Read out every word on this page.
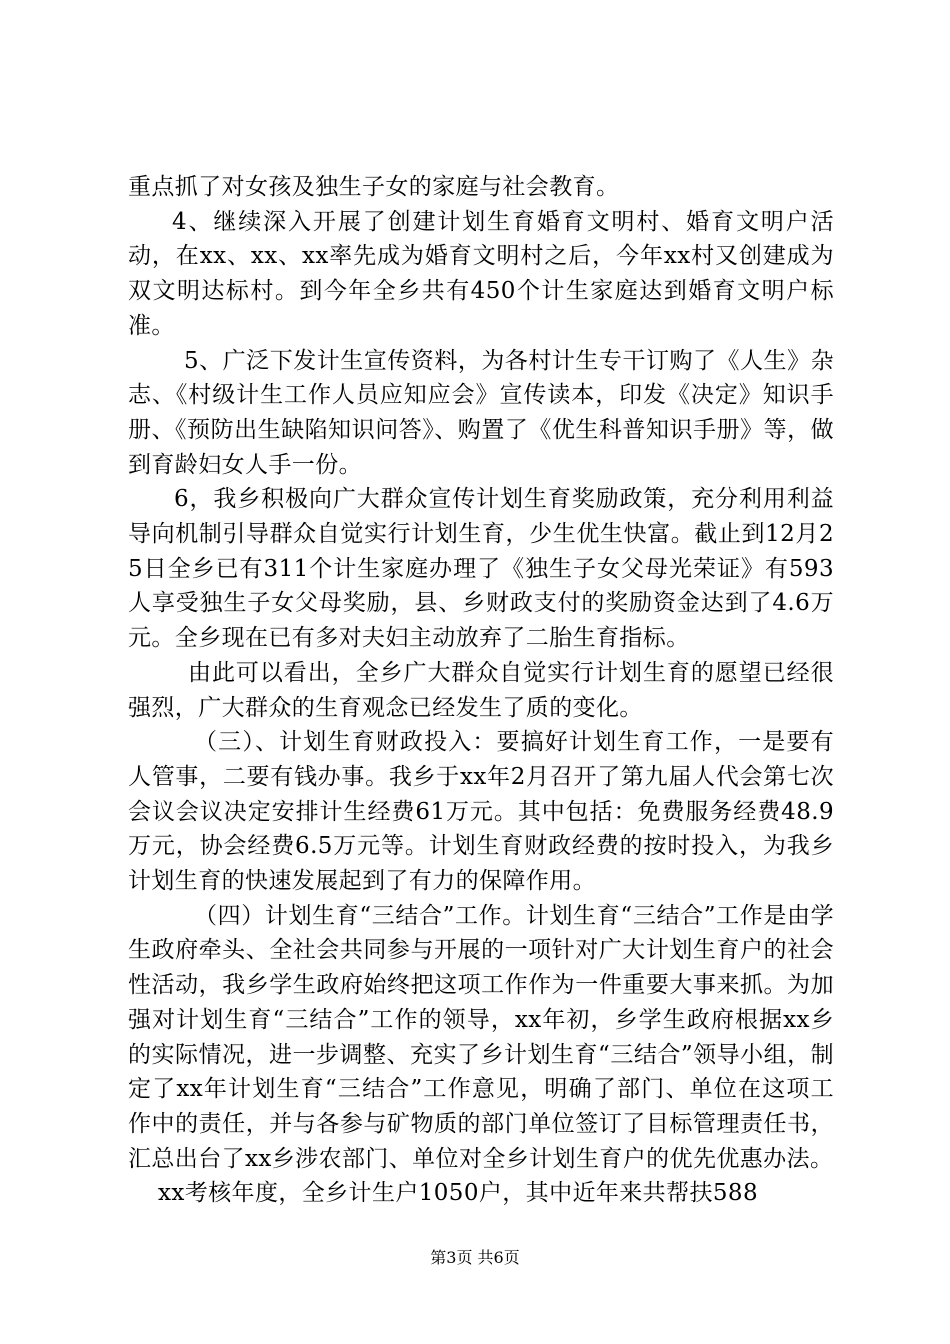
重点抓了对女孩及独生子女的家庭与社会教育。

4、继续深入开展了创建计划生育婚育文明村、婚育文明户活动，在xx、xx、xx率先成为婚育文明村之后，今年xx村又创建成为双文明达标村。到今年全乡共有450个计生家庭达到婚育文明户标准。

5、广泛下发计生宣传资料，为各村计生专干订购了《人生》杂志、《村级计生工作人员应知应会》宣传读本，印发《决定》知识手册、《预防出生缺陷知识问答》、购置了《优生科普知识手册》等，做到育龄妇女人手一份。

6，我乡积极向广大群众宣传计划生育奖励政策，充分利用利益导向机制引导群众自觉实行计划生育，少生优生快富。截止到12月25日全乡已有311个计生家庭办理了《独生子女父母光荣证》有593人享受独生子女父母奖励，县、乡财政支付的奖励资金达到了4.6万元。全乡现在已有多对夫妇主动放弃了二胎生育指标。

由此可以看出，全乡广大群众自觉实行计划生育的愿望已经很强烈，广大群众的生育观念已经发生了质的变化。

（三）、计划生育财政投入：要搞好计划生育工作，一是要有人管事，二要有钱办事。我乡于xx年2月召开了第九届人代会第七次会议会议决定安排计生经费61万元。其中包括：免费服务经费48.9万元，协会经费6.5万元等。计划生育财政经费的按时投入，为我乡计划生育的快速发展起到了有力的保障作用。

（四）计划生育“三结合”工作。计划生育“三结合”工作是由学生政府牵头、全社会共同参与开展的一项针对广大计划生育户的社会性活动，我乡学生政府始终把这项工作作为一件重要大事来抓。为加强对计划生育“三结合”工作的领导，xx年初，乡学生政府根据xx乡的实际情况，进一步调整、充实了乡计划生育“三结合”领导小组，制定了xx年计划生育“三结合”工作意见，明确了部门、单位在这项工作中的责任，并与各参与矿物质的部门单位签订了目标管理责任书，汇总出台了xx乡涉农部门、单位对全乡计划生育户的优先优惠办法。

xx考核年度，全乡计生户1050户，其中近年来共帮扶588

第3页 共6页
